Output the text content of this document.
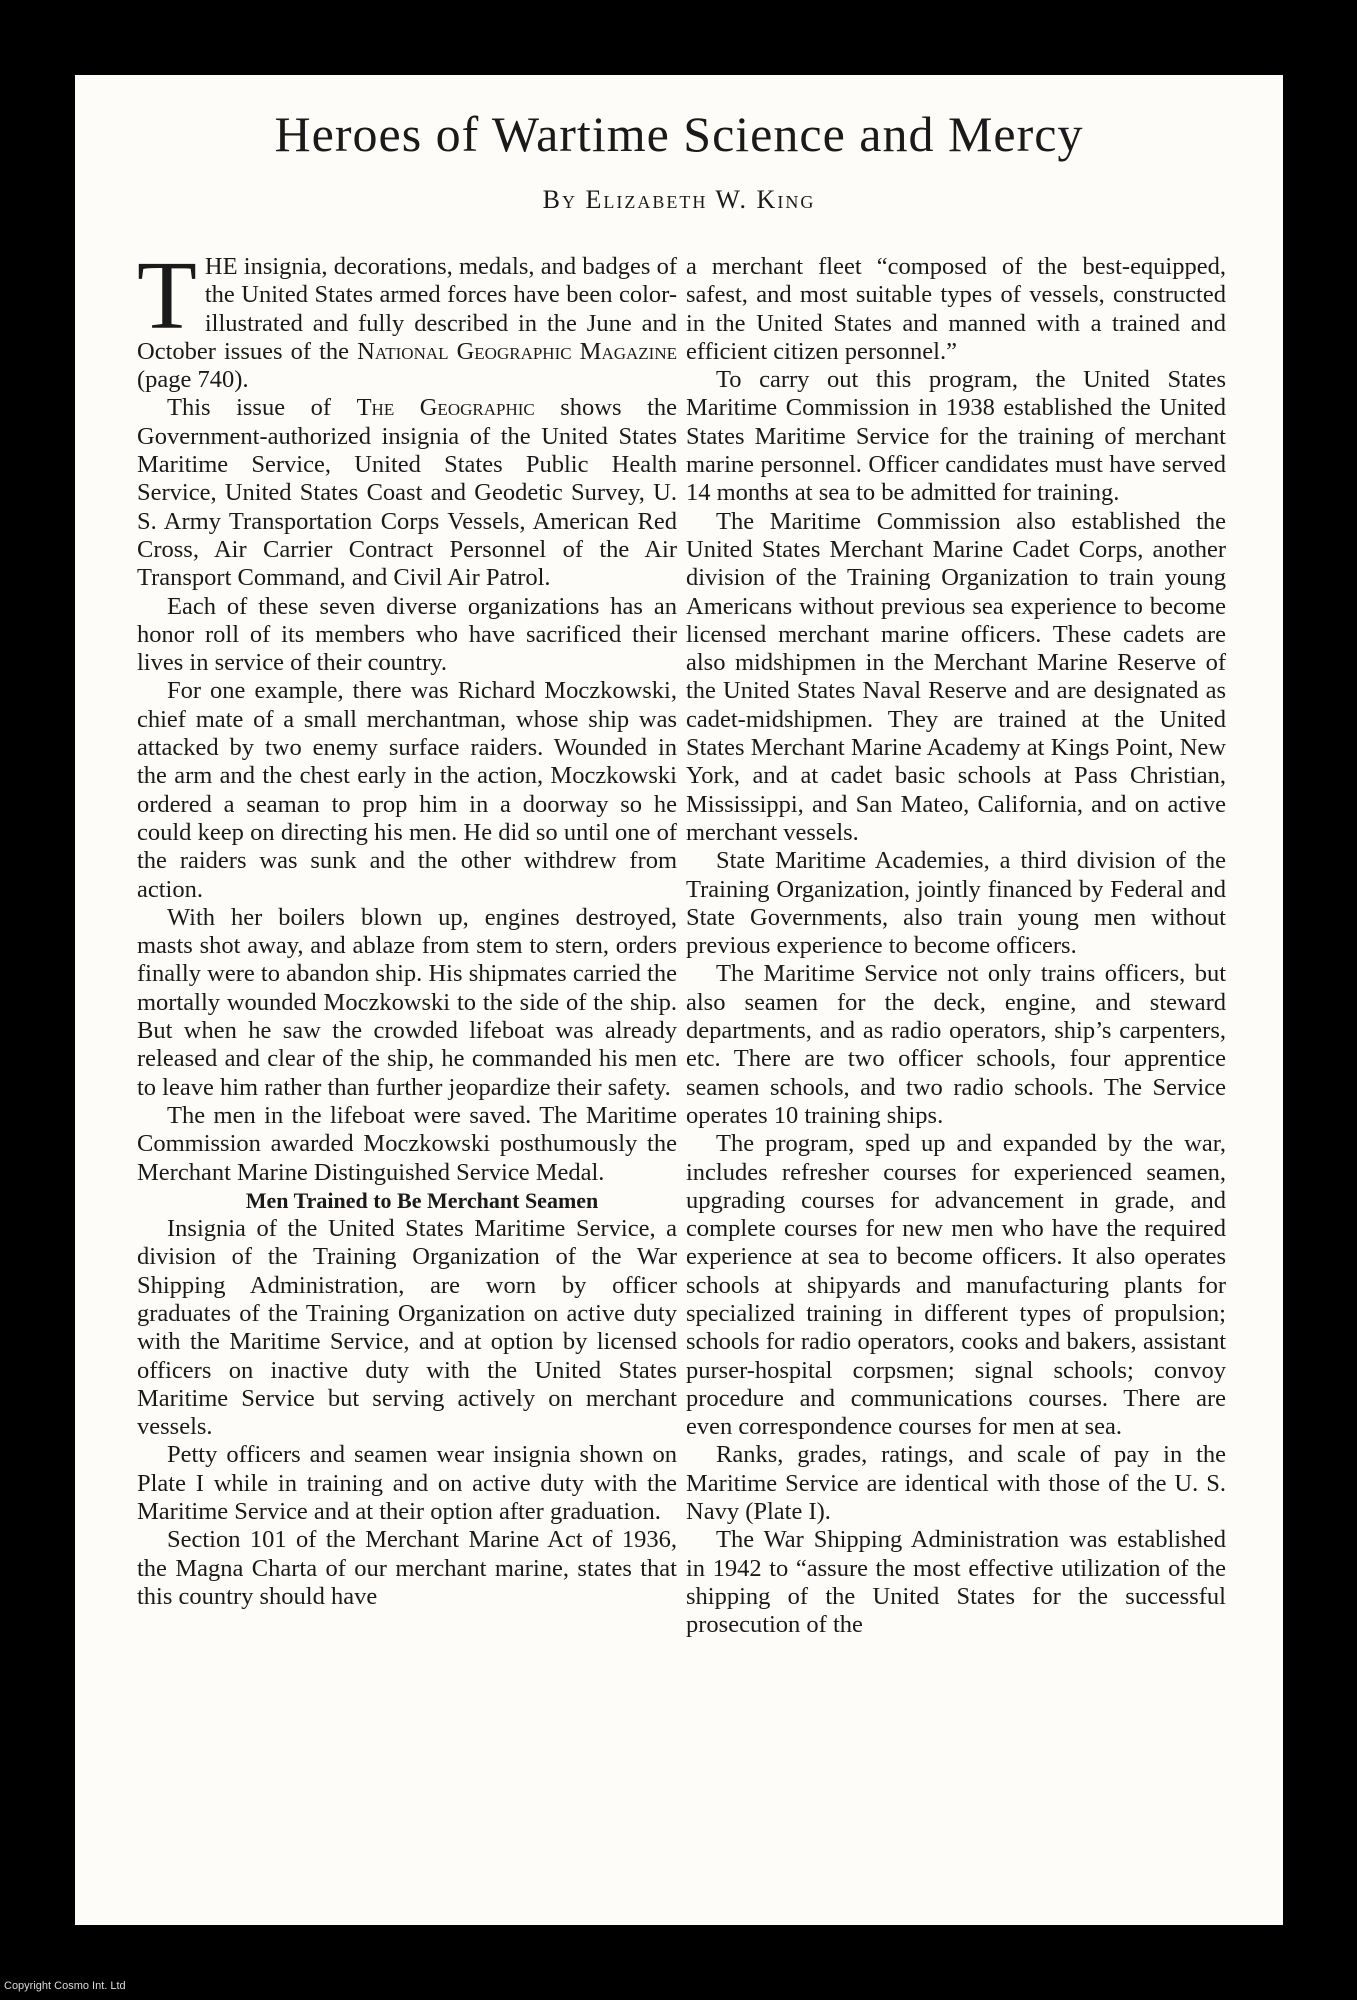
Heroes of Wartime Science and Mercy
By Elizabeth W. King

THE insignia, decorations, medals, and badges of the United States armed forces have been color-illustrated and fully described in the June and October issues of the National Geographic Magazine (page 740).

This issue of The Geographic shows the Government-authorized insignia of the United States Maritime Service, United States Public Health Service, United States Coast and Geodetic Survey, U. S. Army Transportation Corps Vessels, American Red Cross, Air Carrier Contract Personnel of the Air Transport Command, and Civil Air Patrol.

Each of these seven diverse organizations has an honor roll of its members who have sacrificed their lives in service of their country.

For one example, there was Richard Moczkowski, chief mate of a small merchantman, whose ship was attacked by two enemy surface raiders. Wounded in the arm and the chest early in the action, Moczkowski ordered a seaman to prop him in a doorway so he could keep on directing his men. He did so until one of the raiders was sunk and the other withdrew from action.

With her boilers blown up, engines destroyed, masts shot away, and ablaze from stem to stern, orders finally were to abandon ship. His shipmates carried the mortally wounded Moczkowski to the side of the ship. But when he saw the crowded lifeboat was already released and clear of the ship, he commanded his men to leave him rather than further jeopardize their safety.

The men in the lifeboat were saved. The Maritime Commission awarded Moczkowski posthumously the Merchant Marine Distinguished Service Medal.

Men Trained to Be Merchant Seamen

Insignia of the United States Maritime Service, a division of the Training Organization of the War Shipping Administration, are worn by officer graduates of the Training Organization on active duty with the Maritime Service, and at option by licensed officers on inactive duty with the United States Maritime Service but serving actively on merchant vessels.

Petty officers and seamen wear insignia shown on Plate I while in training and on active duty with the Maritime Service and at their option after graduation.

Section 101 of the Merchant Marine Act of 1936, the Magna Charta of our merchant marine, states that this country should have

a merchant fleet “composed of the best-equipped, safest, and most suitable types of vessels, constructed in the United States and manned with a trained and efficient citizen personnel.”

To carry out this program, the United States Maritime Commission in 1938 established the United States Maritime Service for the training of merchant marine personnel. Officer candidates must have served 14 months at sea to be admitted for training.

The Maritime Commission also established the United States Merchant Marine Cadet Corps, another division of the Training Organization to train young Americans without previous sea experience to become licensed merchant marine officers. These cadets are also midshipmen in the Merchant Marine Reserve of the United States Naval Reserve and are designated as cadet-midshipmen. They are trained at the United States Merchant Marine Academy at Kings Point, New York, and at cadet basic schools at Pass Christian, Mississippi, and San Mateo, California, and on active merchant vessels.

State Maritime Academies, a third division of the Training Organization, jointly financed by Federal and State Governments, also train young men without previous experience to become officers.

The Maritime Service not only trains officers, but also seamen for the deck, engine, and steward departments, and as radio operators, ship’s carpenters, etc. There are two officer schools, four apprentice seamen schools, and two radio schools. The Service operates 10 training ships.

The program, sped up and expanded by the war, includes refresher courses for experienced seamen, upgrading courses for advancement in grade, and complete courses for new men who have the required experience at sea to become officers. It also operates schools at shipyards and manufacturing plants for specialized training in different types of propulsion; schools for radio operators, cooks and bakers, assistant purser-hospital corpsmen; signal schools; convoy procedure and communications courses. There are even correspondence courses for men at sea.

Ranks, grades, ratings, and scale of pay in the Maritime Service are identical with those of the U. S. Navy (Plate I).

The War Shipping Administration was established in 1942 to “assure the most effective utilization of the shipping of the United States for the successful prosecution of the

Copyright Cosmo Int. Ltd
